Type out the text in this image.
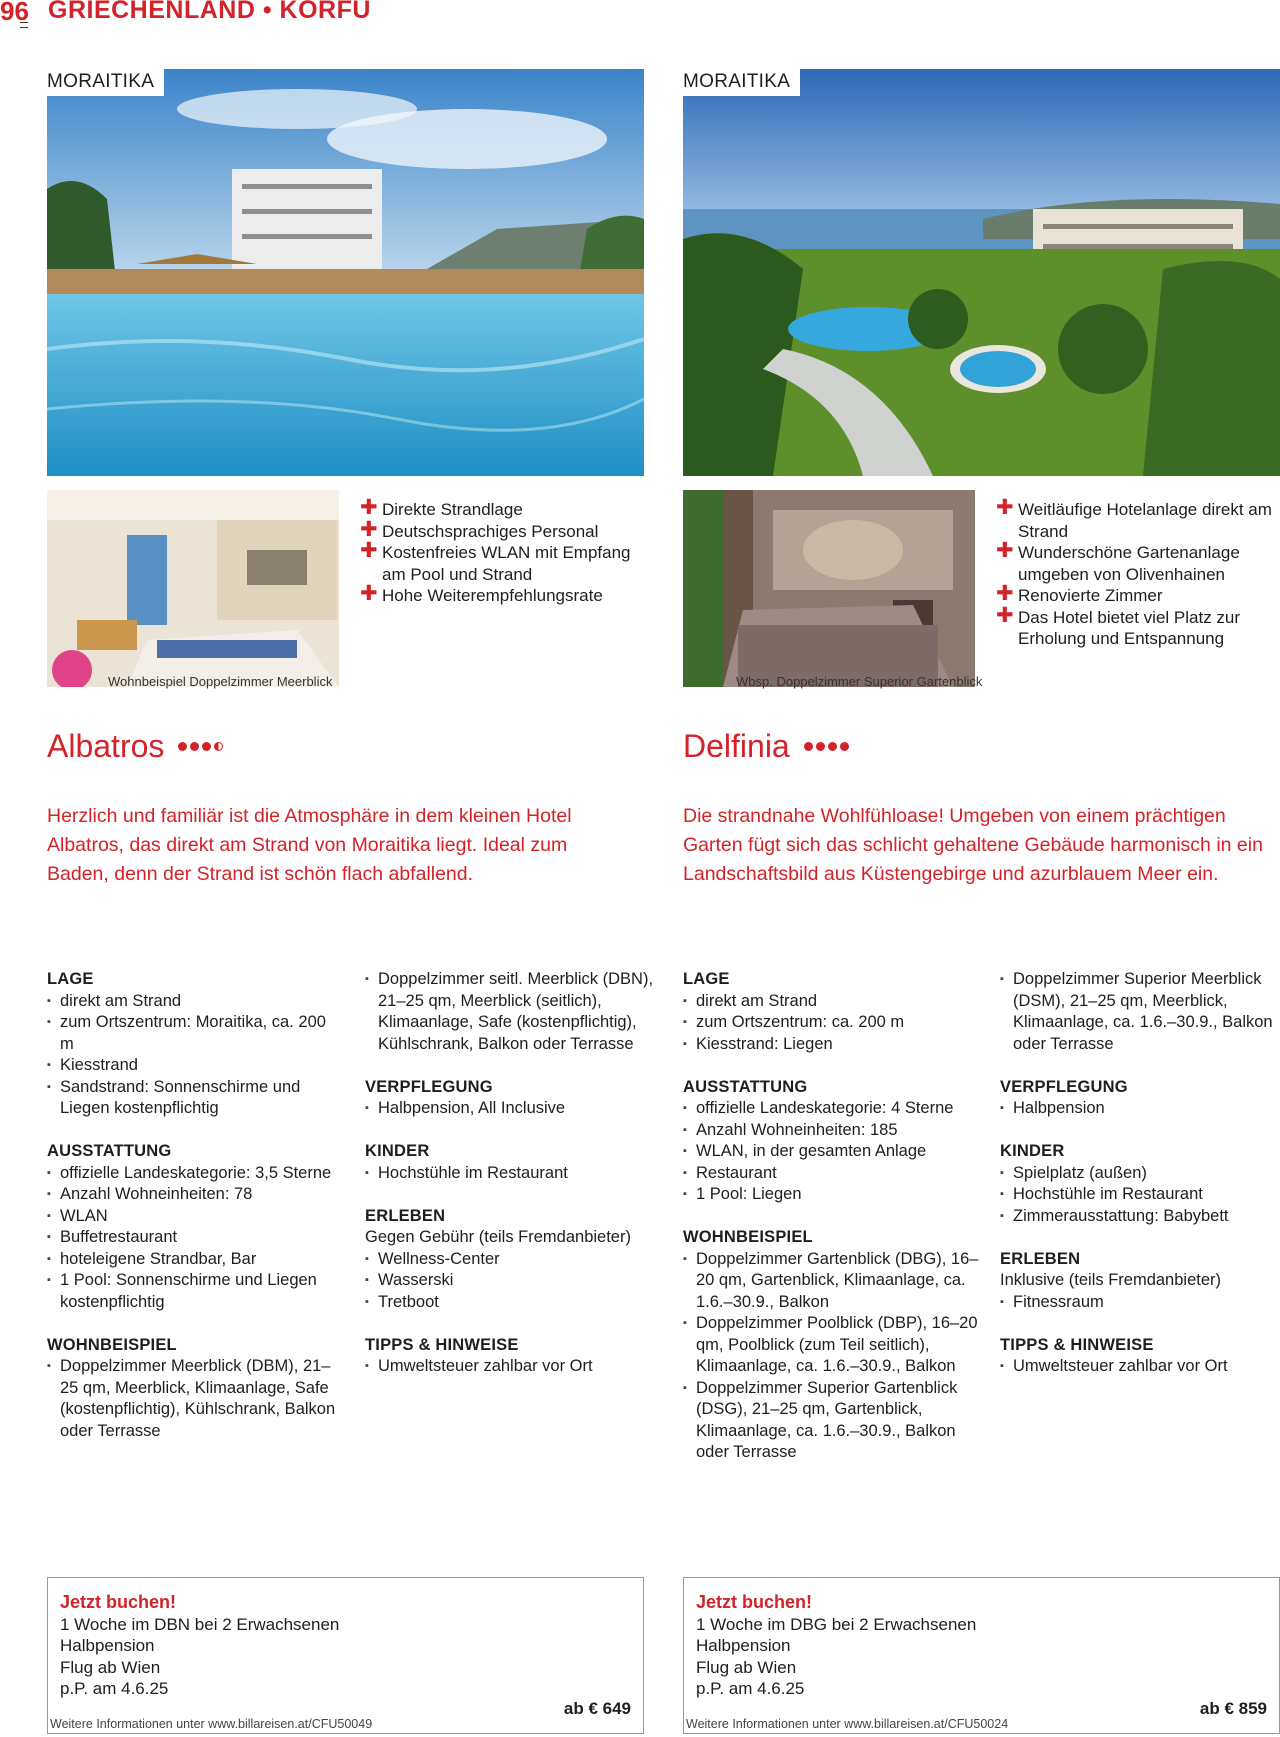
96 GRIECHENLAND • KORFU
MORAITIKA
Wohnbeispiel Doppelzimmer Meerblick
✚ Direkte Strandlage
✚ Deutschsprachiges Personal
✚ Kostenfreies WLAN mit Empfang am Pool und Strand
✚ Hohe Weiterempfehlungsrate
Albatros
Herzlich und familiär ist die Atmosphäre in dem kleinen Hotel Albatros, das direkt am Strand von Moraitika liegt. Ideal zum Baden, denn der Strand ist schön flach abfallend.
LAGE
▪ direkt am Strand
▪ zum Ortszentrum: Moraitika, ca. 200 m
▪ Kiesstrand
▪ Sandstrand: Sonnenschirme und Liegen kostenpflichtig
AUSSTATTUNG
▪ offizielle Landeskategorie: 3,5 Sterne
▪ Anzahl Wohneinheiten: 78
▪ WLAN
▪ Buffetrestaurant
▪ hoteleigene Strandbar, Bar
▪ 1 Pool: Sonnenschirme und Liegen kostenpflichtig
WOHNBEISPIEL
▪ Doppelzimmer Meerblick (DBM), 21–25 qm, Meerblick, Klimaanlage, Safe (kostenpflichtig), Kühlschrank, Balkon oder Terrasse
▪ Doppelzimmer seitl. Meerblick (DBN), 21–25 qm, Meerblick (seitlich), Klimaanlage, Safe (kostenpflichtig), Kühlschrank, Balkon oder Terrasse
VERPFLEGUNG
▪ Halbpension, All Inclusive
KINDER
▪ Hochstühle im Restaurant
ERLEBEN
Gegen Gebühr (teils Fremdanbieter)
▪ Wellness-Center
▪ Wasserski
▪ Tretboot
TIPPS & HINWEISE
▪ Umweltsteuer zahlbar vor Ort
Jetzt buchen!
1 Woche im DBN bei 2 Erwachsenen
Halbpension
Flug ab Wien
p.P. am 4.6.25
ab € 649
Weitere Informationen unter www.billareisen.at/CFU50049
MORAITIKA
Wbsp. Doppelzimmer Superior Gartenblick
✚ Weitläufige Hotelanlage direkt am Strand
✚ Wunderschöne Gartenanlage umgeben von Olivenhainen
✚ Renovierte Zimmer
✚ Das Hotel bietet viel Platz zur Erholung und Entspannung
Delfinia
Die strandnahe Wohlfühloase! Umgeben von einem prächtigen Garten fügt sich das schlicht gehaltene Gebäude harmonisch in ein Landschaftsbild aus Küstengebirge und azurblauem Meer ein.
LAGE
▪ direkt am Strand
▪ zum Ortszentrum: ca. 200 m
▪ Kiesstrand: Liegen
AUSSTATTUNG
▪ offizielle Landeskategorie: 4 Sterne
▪ Anzahl Wohneinheiten: 185
▪ WLAN, in der gesamten Anlage
▪ Restaurant
▪ 1 Pool: Liegen
WOHNBEISPIEL
▪ Doppelzimmer Gartenblick (DBG), 16–20 qm, Gartenblick, Klimaanlage, ca. 1.6.–30.9., Balkon
▪ Doppelzimmer Poolblick (DBP), 16–20 qm, Poolblick (zum Teil seitlich), Klimaanlage, ca. 1.6.–30.9., Balkon
▪ Doppelzimmer Superior Gartenblick (DSG), 21–25 qm, Gartenblick, Klimaanlage, ca. 1.6.–30.9., Balkon oder Terrasse
▪ Doppelzimmer Superior Meerblick (DSM), 21–25 qm, Meerblick, Klimaanlage, ca. 1.6.–30.9., Balkon oder Terrasse
VERPFLEGUNG
▪ Halbpension
KINDER
▪ Spielplatz (außen)
▪ Hochstühle im Restaurant
▪ Zimmerausstattung: Babybett
ERLEBEN
Inklusive (teils Fremdanbieter)
▪ Fitnessraum
TIPPS & HINWEISE
▪ Umweltsteuer zahlbar vor Ort
Jetzt buchen!
1 Woche im DBG bei 2 Erwachsenen
Halbpension
Flug ab Wien
p.P. am 4.6.25
ab € 859
Weitere Informationen unter www.billareisen.at/CFU50024
